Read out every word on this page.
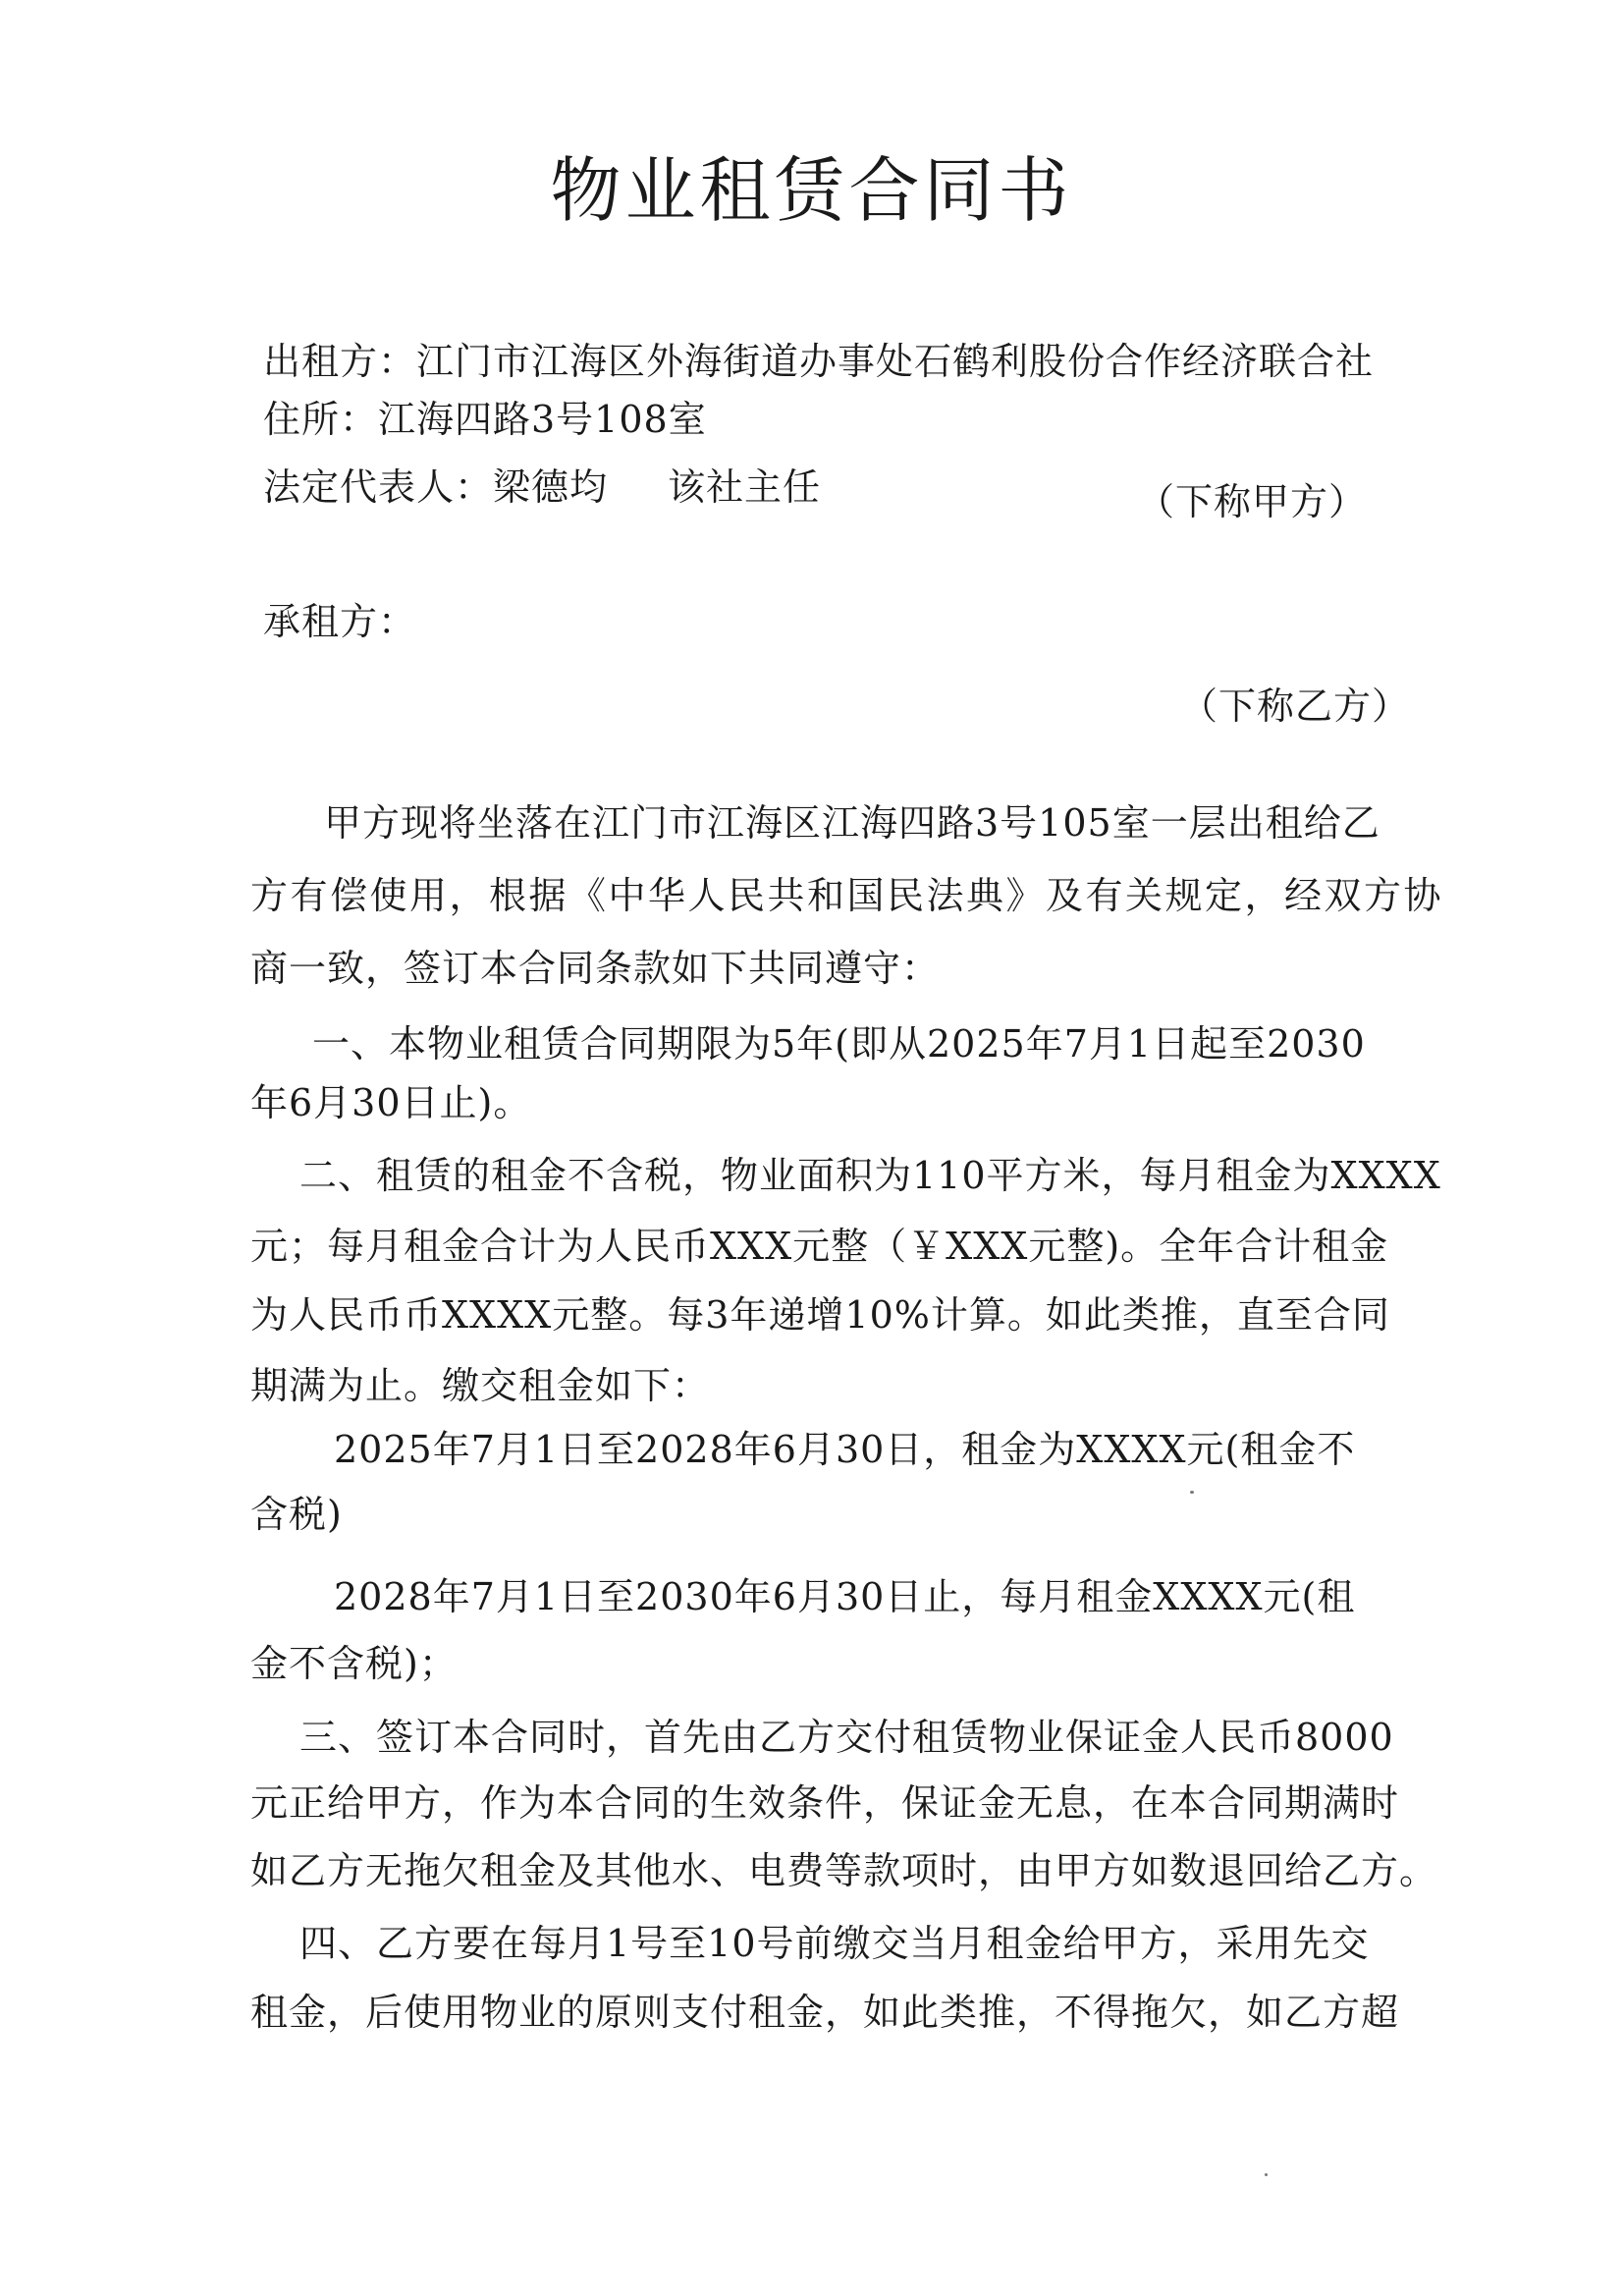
物业租赁合同书
出租方：江门市江海区外海街道办事处石鹤利股份合作经济联合社
住所：江海四路3号108室
法定代表人：梁德均 该社主任	（下称甲方）
承租方：
（下称乙方）
甲方现将坐落在江门市江海区江海四路3号105室一层出租给乙
方有偿使用，根据《中华人民共和国民法典》及有关规定，经双方协
商一致，签订本合同条款如下共同遵守：
一、本物业租赁合同期限为5年(即从2025年7月1日起至2030
年6月30日止)。
二、租赁的租金不含税，物业面积为110平方米，每月租金为XXXX
元；每月租金合计为人民币XXX元整（￥XXX元整)。全年合计租金
为人民币币XXXX元整。每3年递增10%计算。如此类推，直至合同
期满为止。缴交租金如下：
2025年7月1日至2028年6月30日，租金为XXXX元(租金不
含税)
2028年7月1日至2030年6月30日止，每月租金XXXX元(租
金不含税)；
三、签订本合同时，首先由乙方交付租赁物业保证金人民币8000
元正给甲方，作为本合同的生效条件，保证金无息，在本合同期满时
如乙方无拖欠租金及其他水、电费等款项时，由甲方如数退回给乙方。
四、乙方要在每月1号至10号前缴交当月租金给甲方，采用先交
租金，后使用物业的原则支付租金，如此类推，不得拖欠，如乙方超
